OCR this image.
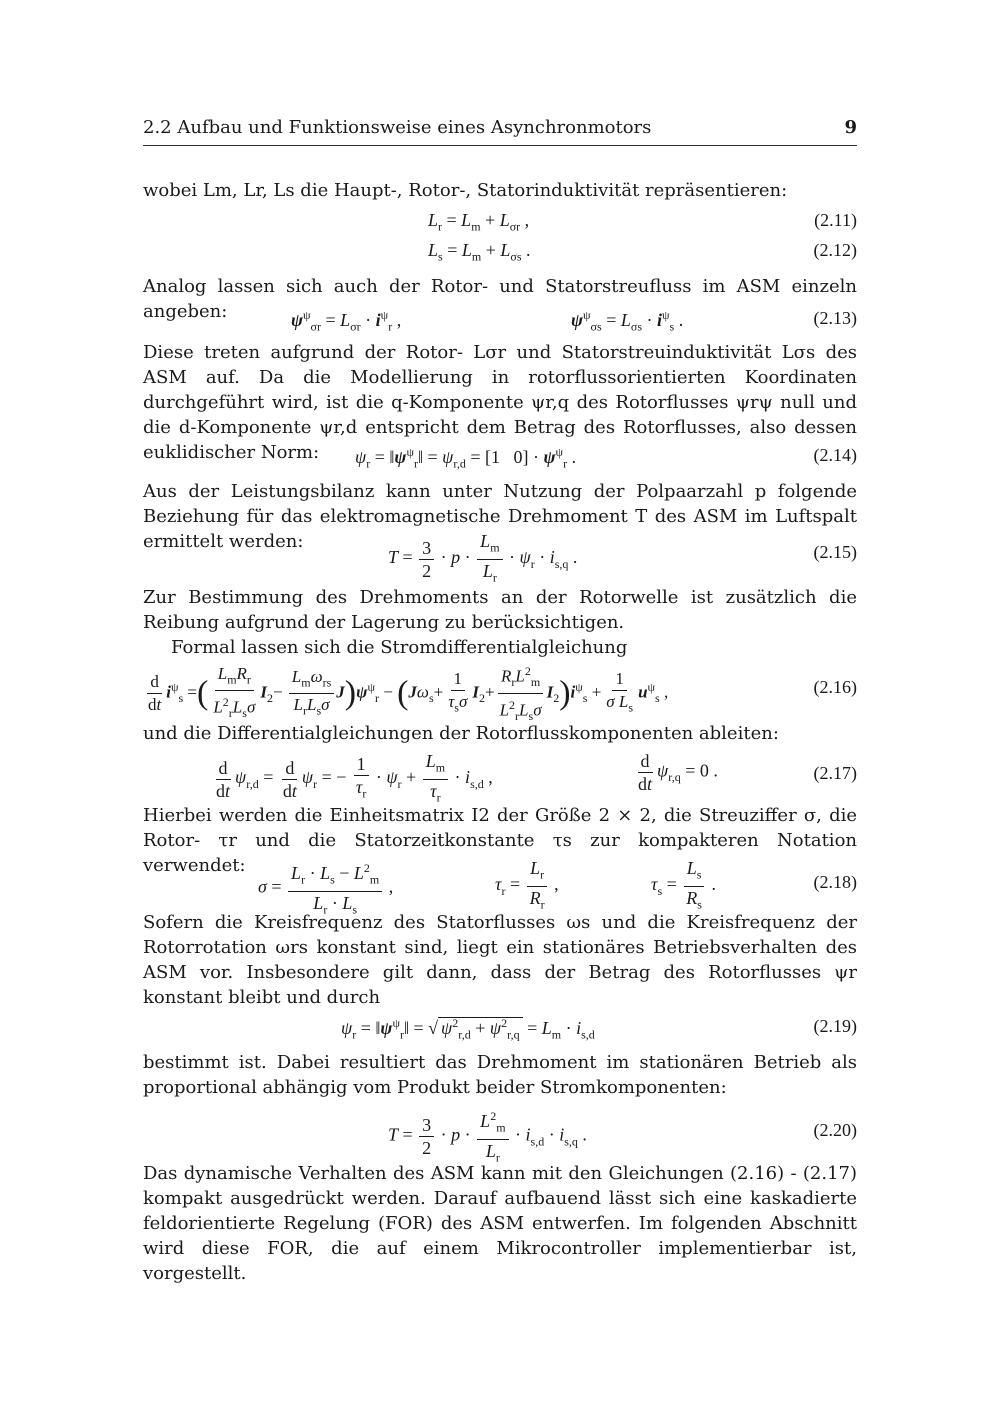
2.2 Aufbau und Funktionsweise eines Asynchronmotors	9

wobei Lm, Lr, Ls die Haupt-, Rotor-, Statorinduktivität repräsentieren:

$L_r = L_m + L_{\sigma r}$ ,	(2.11)
$L_s = L_m + L_{\sigma s}$ .	(2.12)

Analog lassen sich auch der Rotor- und Statorstreufluss im ASM einzeln angeben:	$\psi^\psi_{\sigma r} = L_{\sigma r} \cdot i^\psi_r$ ,	$\psi^\psi_{\sigma s} = L_{\sigma s} \cdot i^\psi_s$ .	(2.13)

Diese treten aufgrund der Rotor- Lσr und Statorstreuinduktivität Lσs des ASM auf. Da die Modellierung in rotorflussorientierten Koordinaten durchgeführt wird, ist die q-Komponente ψr,q des Rotorflusses ψrψ null und die d-Komponente ψr,d entspricht dem Betrag des Rotorflusses, also dessen euklidischer Norm:	$\psi_r$ = $‖\psi^\psi_r‖ = \psi_{r,d} = [1$   $0] \cdot \psi^\psi_r$ .	(2.14)

Aus der Leistungsbilanz kann unter Nutzung der Polpaarzahl p folgende Beziehung für das elektromagnetische Drehmoment T des ASM im Luftspalt ermittelt werden:

$T = \frac{3}{2} \cdot p \cdot \frac{L_m}{L_r} \cdot \psi_r \cdot i_{s,q}$ .	(2.15)

Zur Bestimmung des Drehmoments an der Rotorwelle ist zusätzlich die Reibung aufgrund der Lagerung zu berücksichtigen.

Formal lassen sich die Stromdifferentialgleichung

$\frac{d}{dt} i^\psi_s$ =( $\frac{L_mR_r}{L^2_rL_s\sigma} I_2- \frac{L_m\omega_{rs}}{L_rL_s\sigma} J)\psi^\psi_r - (J\omega_s+ \frac{1}{\tau_s\sigma} I_2+ \frac{R_rL^2_m}{L^2_rL_s\sigma} I_2)i^\psi_s + \frac{1}{\sigma L_s} u^\psi_s$ ,	(2.16)

und die Differentialgleichungen der Rotorflusskomponenten ableiten:

$\frac{d}{dt} \psi_{r,d} = \frac{d}{dt} \psi_r$ = − $\frac{1}{\tau_r} \cdot \psi_r + \frac{L_m}{\tau_r} \cdot i_{s,d}$ ,	$\frac{d}{dt} \psi_{r,q} = 0$ .	(2.17)

Hierbei werden die Einheitsmatrix I2 der Größe 2 × 2, die Streuziffer σ, die Rotor- τr und die Statorzeitkonstante τs zur kompakteren Notation verwendet:

$\sigma = \frac{L_r \cdot L_s - L^2_m}{L_r \cdot L_s}$ ,	$\tau_r = \frac{L_r}{R_r}$ ,	$\tau_s = \frac{L_s}{R_s}$ .	(2.18)

Sofern die Kreisfrequenz des Statorflusses ωs und die Kreisfrequenz der Rotorrotation ωrs konstant sind, liegt ein stationäres Betriebsverhalten des ASM vor. Insbesondere gilt dann, dass der Betrag des Rotorflusses ψr konstant bleibt und durch

$\psi_r$ = $‖\psi^\psi_r‖$ = √ $\psi^2_{r,d} + \psi^2_{r,q} = L_m \cdot i_{s,d}$	(2.19)

bestimmt ist. Dabei resultiert das Drehmoment im stationären Betrieb als proportional abhängig vom Produkt beider Stromkomponenten:

$T = \frac{3}{2} \cdot p \cdot \frac{L^2_m}{L_r} \cdot i_{s,d} \cdot i_{s,q}$ .	(2.20)

Das dynamische Verhalten des ASM kann mit den Gleichungen (2.16) - (2.17) kompakt ausgedrückt werden. Darauf aufbauend lässt sich eine kaskadierte feldorientierte Regelung (FOR) des ASM entwerfen. Im folgenden Abschnitt wird diese FOR, die auf einem Mikrocontroller implementierbar ist, vorgestellt.
